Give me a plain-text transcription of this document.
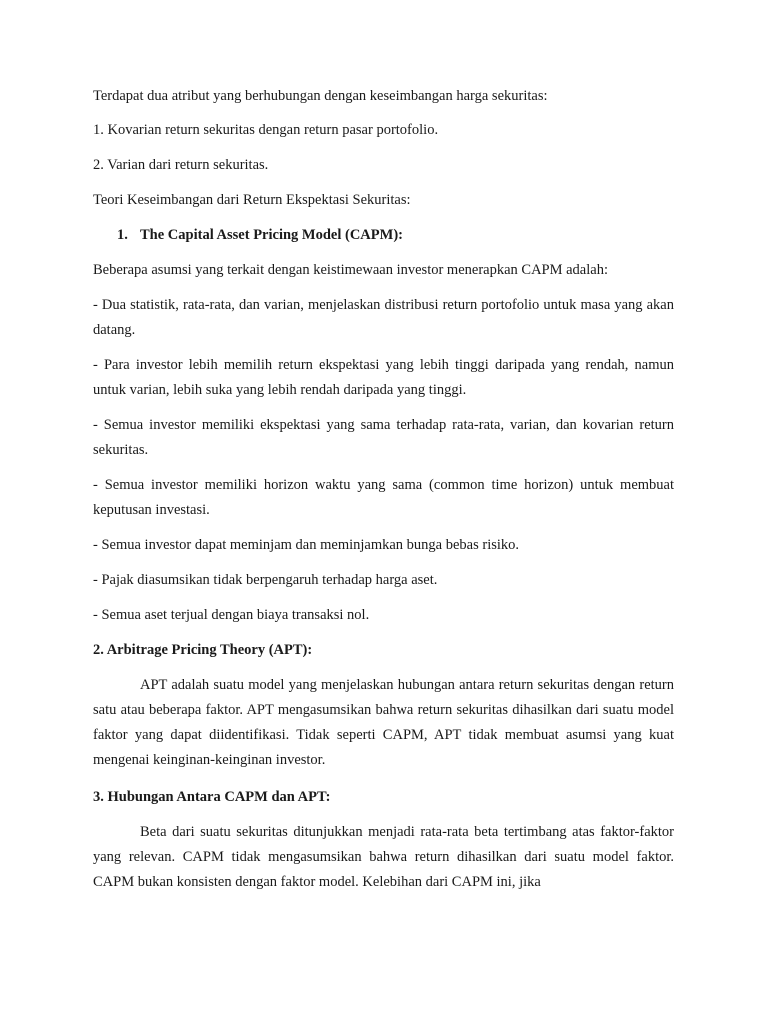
Terdapat dua atribut yang berhubungan dengan keseimbangan harga sekuritas:

1. Kovarian return sekuritas dengan return pasar portofolio.

2. Varian dari return sekuritas.

Teori Keseimbangan dari Return Ekspektasi Sekuritas:

1. The Capital Asset Pricing Model (CAPM):

Beberapa asumsi yang terkait dengan keistimewaan investor menerapkan CAPM adalah:

- Dua statistik, rata-rata, dan varian, menjelaskan distribusi return portofolio untuk masa yang akan datang.

- Para investor lebih memilih return ekspektasi yang lebih tinggi daripada yang rendah, namun untuk varian, lebih suka yang lebih rendah daripada yang tinggi.

- Semua investor memiliki ekspektasi yang sama terhadap rata-rata, varian, dan kovarian return sekuritas.

- Semua investor memiliki horizon waktu yang sama (common time horizon) untuk membuat keputusan investasi.

- Semua investor dapat meminjam dan meminjamkan bunga bebas risiko.

- Pajak diasumsikan tidak berpengaruh terhadap harga aset.

- Semua aset terjual dengan biaya transaksi nol.

2. Arbitrage Pricing Theory (APT):

APT adalah suatu model yang menjelaskan hubungan antara return sekuritas dengan return satu atau beberapa faktor. APT mengasumsikan bahwa return sekuritas dihasilkan dari suatu model faktor yang dapat diidentifikasi. Tidak seperti CAPM, APT tidak membuat asumsi yang kuat mengenai keinginan-keinginan investor.

3. Hubungan Antara CAPM dan APT:

Beta dari suatu sekuritas ditunjukkan menjadi rata-rata beta tertimbang atas faktor-faktor yang relevan. CAPM tidak mengasumsikan bahwa return dihasilkan dari suatu model faktor. CAPM bukan konsisten dengan faktor model. Kelebihan dari CAPM ini, jika
